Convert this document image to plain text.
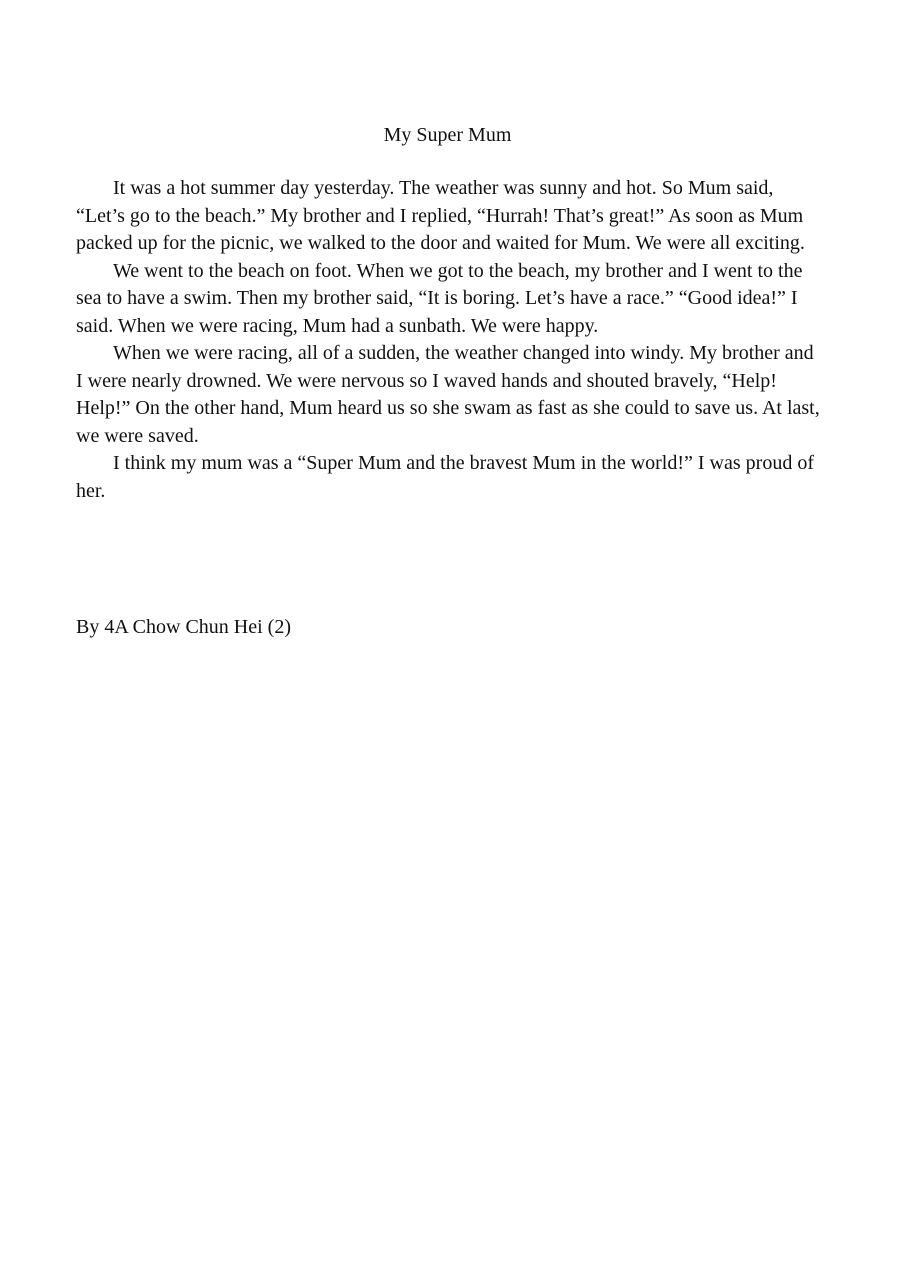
My Super Mum

It was a hot summer day yesterday. The weather was sunny and hot. So Mum said, “Let’s go to the beach.” My brother and I replied, “Hurrah! That’s great!” As soon as Mum packed up for the picnic, we walked to the door and waited for Mum. We were all exciting.

We went to the beach on foot. When we got to the beach, my brother and I went to the sea to have a swim. Then my brother said, “It is boring. Let’s have a race.” “Good idea!” I said. When we were racing, Mum had a sunbath. We were happy.

When we were racing, all of a sudden, the weather changed into windy. My brother and I were nearly drowned. We were nervous so I waved hands and shouted bravely, “Help! Help!” On the other hand, Mum heard us so she swam as fast as she could to save us. At last, we were saved.

I think my mum was a “Super Mum and the bravest Mum in the world!” I was proud of her.

By 4A Chow Chun Hei (2)
